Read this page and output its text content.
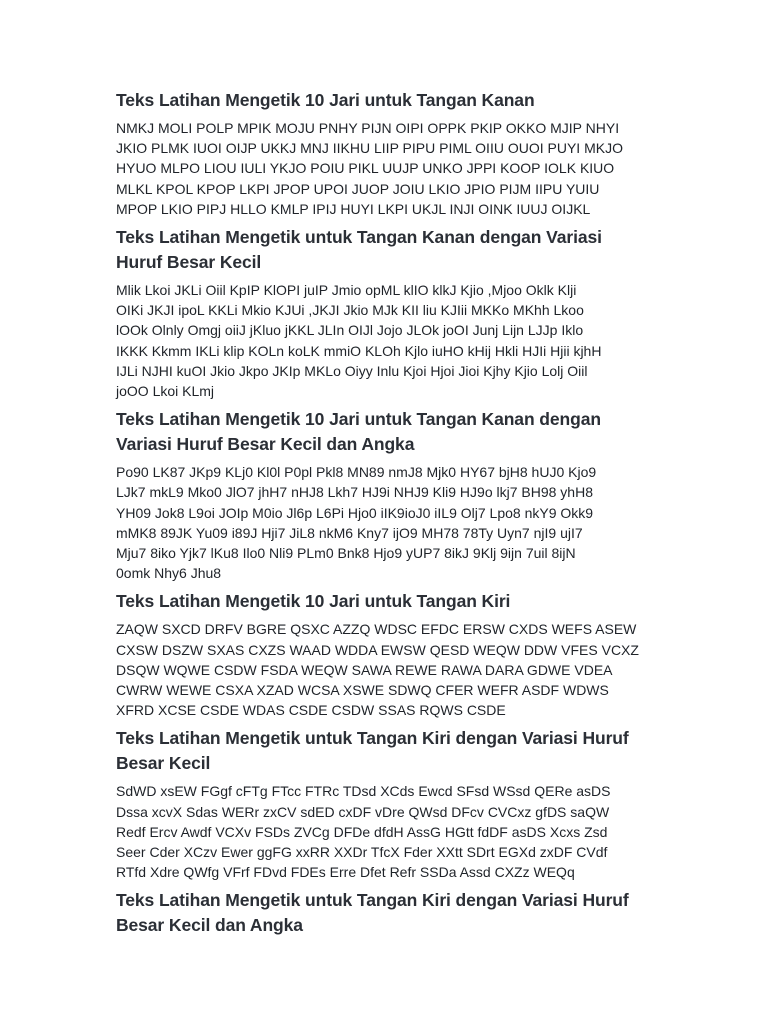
Teks Latihan Mengetik 10 Jari untuk Tangan Kanan
NMKJ MOLI POLP MPIK MOJU PNHY PIJN OIPI OPPK PKIP OKKO MJIP NHYI
JKIO PLMK IUOI OIJP UKKJ MNJ IIKHU LIIP PIPU PIML OIIU OUOI PUYI MKJO
HYUO MLPO LIOU IULI YKJO POIU PIKL UUJP UNKO JPPI KOOP IOLK KIUO
MLKL KPOL KPOP LKPI JPOP UPOI JUOP JOIU LKIO JPIO PIJM IIPU YUIU
MPOP LKIO PIPJ HLLO KMLP IPIJ HUYI LKPI UKJL INJI OINK IUUJ OIJKL
Teks Latihan Mengetik untuk Tangan Kanan dengan Variasi Huruf Besar Kecil
Mlik Lkoi JKLi Oiil KpIP KlOPI juIP Jmio opML klIO klkJ Kjio ,Mjoo Oklk Klji
OIKi JKJI ipoL KKLi Mkio KJUi ,JKJI Jkio MJk KII liu KJIii MKKo MKhh Lkoo
lOOk Olnly Omgj oiiJ jKluo jKKL JLIn OIJl Jojo JLOk joOI Junj Lijn LJJp Iklo
IKKK Kkmm IKLi klip KOLn koLK mmiO KLOh Kjlo iuHO kHij Hkli HJIi Hjii kjhH
IJLi NJHI kuOI Jkio Jkpo JKIp MKLo Oiyy Inlu Kjoi Hjoi Jioi Kjhy Kjio Lolj Oiil
joOO Lkoi KLmj
Teks Latihan Mengetik 10 Jari untuk Tangan Kanan dengan Variasi Huruf Besar Kecil dan Angka
Po90 LK87 JKp9 KLj0 Kl0l P0pl Pkl8 MN89 nmJ8 Mjk0 HY67 bjH8 hUJ0 Kjo9
LJk7 mkL9 Mko0 JlO7 jhH7 nHJ8 Lkh7 HJ9i NHJ9 Kli9 HJ9o lkj7 BH98 yhH8
YH09 Jok8 L9oi JOIp M0io Jl6p L6Pi Hjo0 iIK9ioJ0 iIL9 Olj7 Lpo8 nkY9 Okk9
mMK8 89JK Yu09 i89J Hji7 JiL8 nkM6 Kny7 ijO9 MH78 78Ty Uyn7 njI9 ujI7
Mju7 8iko Yjk7 lKu8 Ilo0 Nli9 PLm0 Bnk8 Hjo9 yUP7 8ikJ 9Klj 9ijn 7uil 8ijN
0omk Nhy6 Jhu8
Teks Latihan Mengetik 10 Jari untuk Tangan Kiri
ZAQW SXCD DRFV BGRE QSXC AZZQ WDSC EFDC ERSW CXDS WEFS ASEW
CXSW DSZW SXAS CXZS WAAD WDDA EWSW QESD WEQW DDW VFES VCXZ
DSQW WQWE CSDW FSDA WEQW SAWA REWE RAWA DARA GDWE VDEA
CWRW WEWE CSXA XZAD WCSA XSWE SDWQ CFER WEFR ASDF WDWS
XFRD XCSE CSDE WDAS CSDE CSDW SSAS RQWS CSDE
Teks Latihan Mengetik untuk Tangan Kiri dengan Variasi Huruf Besar Kecil
SdWD xsEW FGgf cFTg FTcc FTRc TDsd XCds Ewcd SFsd WSsd QERe asDS
Dssa xcvX Sdas WERr zxCV sdED cxDF vDre QWsd DFcv CVCxz gfDS saQW
Redf Ercv Awdf VCXv FSDs ZVCg DFDe dfdH AssG HGtt fdDF asDS Xcxs Zsd
Seer Cder XCzv Ewer ggFG xxRR XXDr TfcX Fder XXtt SDrt EGXd zxDF CVdf
RTfd Xdre QWfg VFrf FDvd FDEs Erre Dfet Refr SSDa Assd CXZz WEQq
Teks Latihan Mengetik untuk Tangan Kiri dengan Variasi Huruf Besar Kecil dan Angka
